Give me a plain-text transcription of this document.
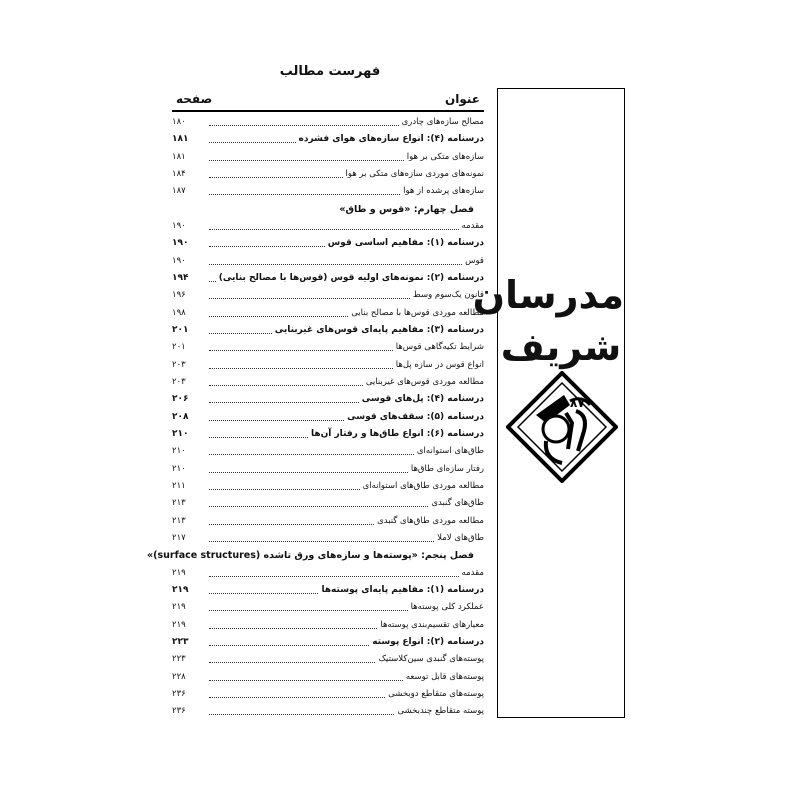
فهرست مطالب
عنوان
صفحه
مصالح سازه‌های چادری
۱۸۰
درسنامه (۴): انواع سازه‌های هوای فشرده
۱۸۱
سازه‌های متکی بر هوا
۱۸۱
نمونه‌های موردی سازه‌های متکی بر هوا
۱۸۴
سازه‌های پرشده از هوا
۱۸۷
فصل چهارم: «قوس و طاق»
مقدمه
۱۹۰
درسنامه (۱): مفاهیم اساسی قوس
۱۹۰
قوس
۱۹۰
درسنامه (۲): نمونه‌های اولیه قوس (قوس‌ها با مصالح بنایی)
۱۹۴
قانون یک‌سوم وسط
۱۹۶
مطالعه موردی قوس‌ها با مصالح بنایی
۱۹۸
درسنامه (۳): مفاهیم پایه‌ای قوس‌های غیربنایی
۲۰۱
شرایط تکیه‌گاهی قوس‌ها
۲۰۱
انواع قوس در سازه پل‌ها
۲۰۳
مطالعه موردی قوس‌های غیربنایی
۲۰۳
درسنامه (۴): پل‌های قوسی
۲۰۶
درسنامه (۵): سقف‌های قوسی
۲۰۸
درسنامه (۶): انواع طاق‌ها و رفتار آن‌ها
۲۱۰
طاق‌های استوانه‌ای
۲۱۰
رفتار سازه‌ای طاق‌ها
۲۱۰
مطالعه موردی طاق‌های استوانه‌ای
۲۱۱
طاق‌های گنبدی
۲۱۳
مطالعه موردی طاق‌های گنبدی
۲۱۳
طاق‌های لاملا
۲۱۷
فصل پنجم: «پوسته‌ها و سازه‌های ورق تاشده (surface structures)»
مقدمه
۲۱۹
درسنامه (۱): مفاهیم پایه‌ای پوسته‌ها
۲۱۹
عملکرد کلی پوسته‌ها
۲۱۹
معیارهای تقسیم‌بندی پوسته‌ها
۲۱۹
درسنامه (۲): انواع پوسته
۲۲۳
پوسته‌های گنبدی سین‌کلاستیک
۲۲۳
پوسته‌های قابل توسعه
۲۲۸
پوسته‌های متقاطع دوبخشی
۲۳۶
پوسته متقاطع چندبخشی
۲۳۶
مدرسان
شریف
۸۷
